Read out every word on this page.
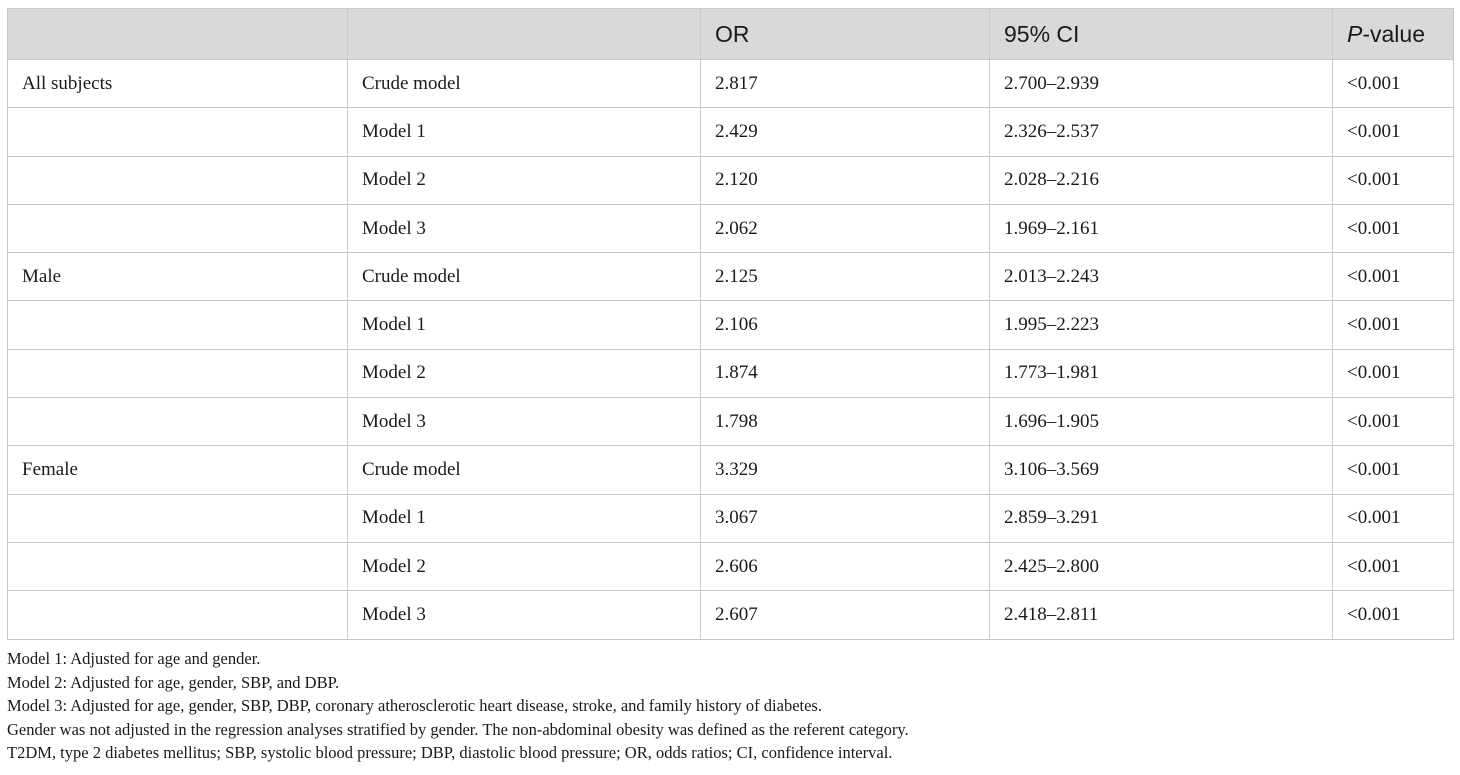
		OR	95% CI	P-value
All subjects	Crude model	2.817	2.700–2.939	<0.001
	Model 1	2.429	2.326–2.537	<0.001
	Model 2	2.120	2.028–2.216	<0.001
	Model 3	2.062	1.969–2.161	<0.001
Male	Crude model	2.125	2.013–2.243	<0.001
	Model 1	2.106	1.995–2.223	<0.001
	Model 2	1.874	1.773–1.981	<0.001
	Model 3	1.798	1.696–1.905	<0.001
Female	Crude model	3.329	3.106–3.569	<0.001
	Model 1	3.067	2.859–3.291	<0.001
	Model 2	2.606	2.425–2.800	<0.001
	Model 3	2.607	2.418–2.811	<0.001
Model 1: Adjusted for age and gender.
Model 2: Adjusted for age, gender, SBP, and DBP.
Model 3: Adjusted for age, gender, SBP, DBP, coronary atherosclerotic heart disease, stroke, and family history of diabetes.
Gender was not adjusted in the regression analyses stratified by gender. The non-abdominal obesity was defined as the referent category.
T2DM, type 2 diabetes mellitus; SBP, systolic blood pressure; DBP, diastolic blood pressure; OR, odds ratios; CI, confidence interval.
